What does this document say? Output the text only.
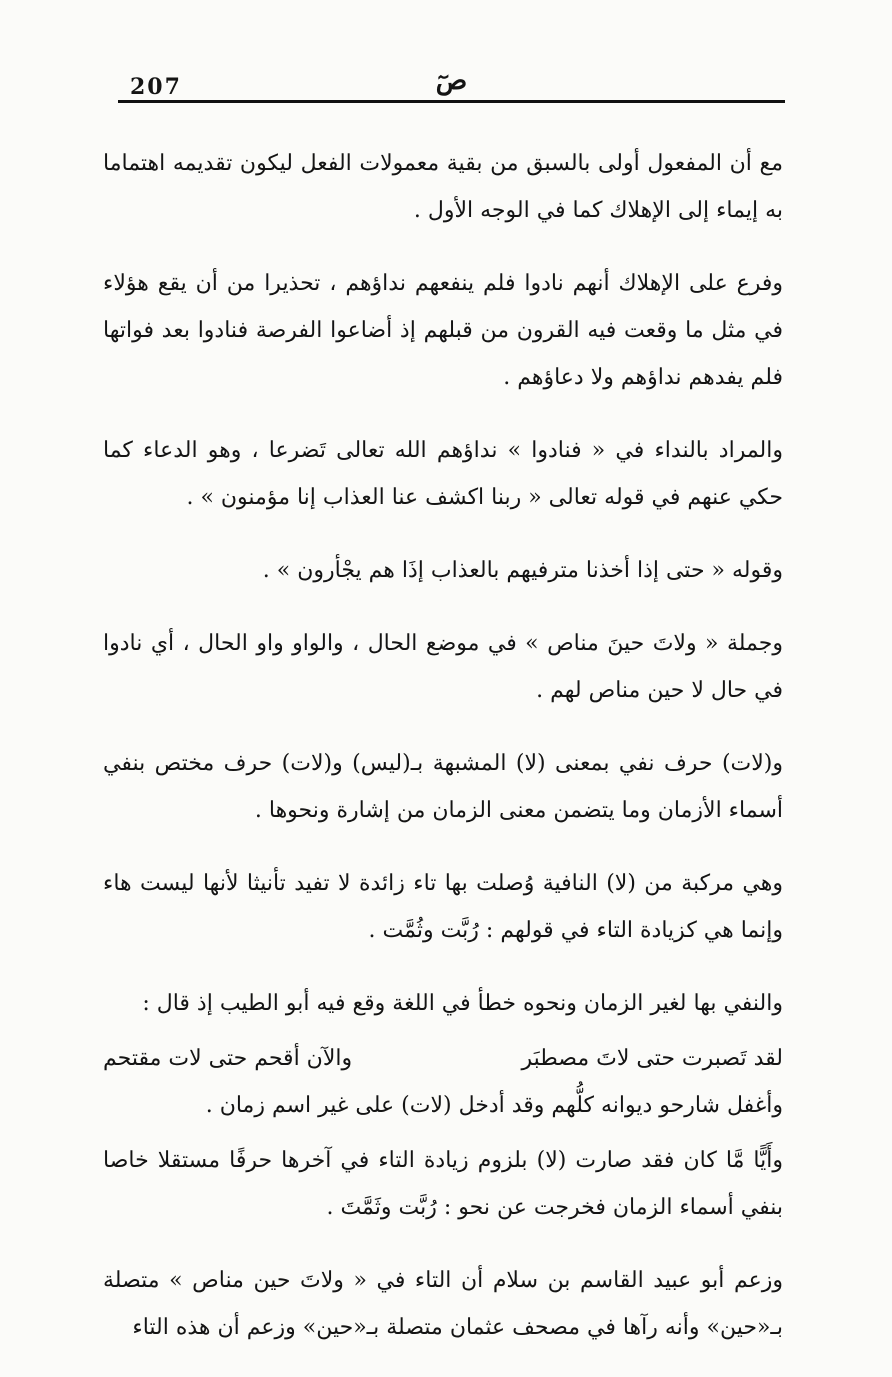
207	صٓ

مع أن المفعول أولى بالسبق من بقية معمولات الفعل ليكون تقديمه اهتماما به إيماء إلى الإهلاك كما في الوجه الأول .

وفرع على الإهلاك أنهم نادوا فلم ينفعهم نداؤهم ، تحذيرا من أن يقع هؤلاء في مثل ما وقعت فيه القرون من قبلهم إذ أضاعوا الفرصة فنادوا بعد فواتها فلم يفدهم نداؤهم ولا دعاؤهم .

والمراد بالنداء في « فنادوا » نداؤهم الله تعالى تَضرعا ، وهو الدعاء كما حكي عنهم في قوله تعالى « ربنا اكشف عنا العذاب إنا مؤمنون » .

وقوله « حتى إذا أخذنا مترفيهم بالعذاب إذَا هم يجْأرون » .

وجملة « ولاتَ حينَ مناص » في موضع الحال ، والواو واو الحال ، أي نادوا في حال لا حين مناص لهم .

و(لات) حرف نفي بمعنى (لا) المشبهة بـ(ليس) و(لات) حرف مختص بنفي أسماء الأزمان وما يتضمن معنى الزمان من إشارة ونحوها .

وهي مركبة من (لا) النافية وُصلت بها تاء زائدة لا تفيد تأنيثا لأنها ليست هاء وإنما هي كزيادة التاء في قولهم : رُبَّت وثُمَّت .

والنفي بها لغير الزمان ونحوه خطأ في اللغة وقع فيه أبو الطيب إذ قال :

لقد تَصبرت حتى لاتَ مصطبَر
والآن أقحم حتى لات مقتحم

وأغفل شارحو ديوانه كلُّهم وقد أدخل (لات) على غير اسم زمان .

وأَيًّا مَّا كان فقد صارت (لا) بلزوم زيادة التاء في آخرها حرفًا مستقلا خاصا بنفي أسماء الزمان فخرجت عن نحو : رُبَّت وثَمَّتَ .

وزعم أبو عبيد القاسم بن سلام أن التاء في « ولاتَ حين مناص » متصلة بـ«حين» وأنه رآها في مصحف عثمان متصلة بـ«حين» وزعم أن هذه التاء
